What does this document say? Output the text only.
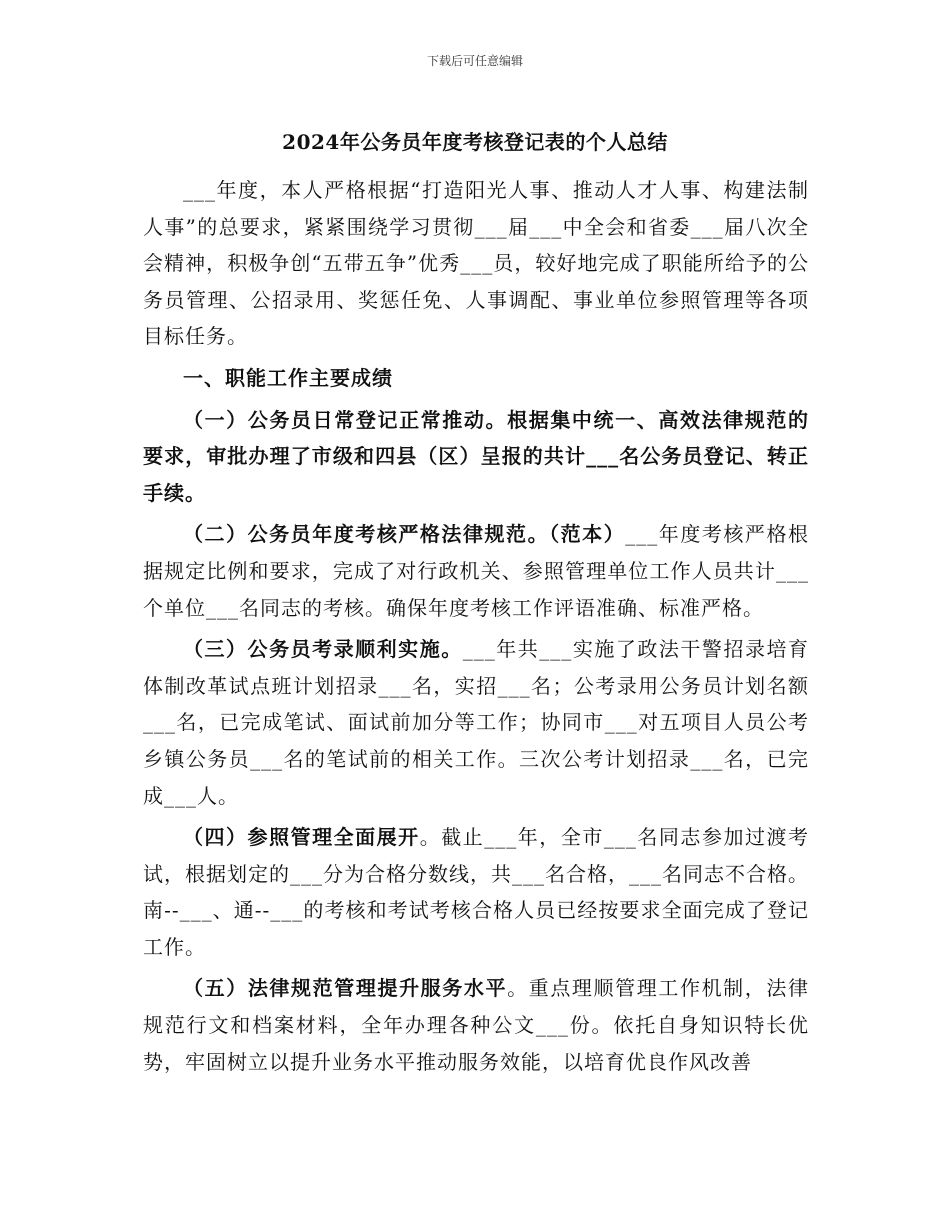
下载后可任意编辑
2024年公务员年度考核登记表的个人总结

___年度，本人严格根据“打造阳光人事、推动人才人事、构建法制人事”的总要求，紧紧围绕学习贯彻___届___中全会和省委___届八次全会精神，积极争创“五带五争”优秀___员，较好地完成了职能所给予的公务员管理、公招录用、奖惩任免、人事调配、事业单位参照管理等各项目标任务。

一、职能工作主要成绩

（一）公务员日常登记正常推动。根据集中统一、高效法律规范的要求，审批办理了市级和四县（区）呈报的共计___名公务员登记、转正手续。

（二）公务员年度考核严格法律规范。（范本）___年度考核严格根据规定比例和要求，完成了对行政机关、参照管理单位工作人员共计___个单位___名同志的考核。确保年度考核工作评语准确、标准严格。

（三）公务员考录顺利实施。___年共___实施了政法干警招录培育体制改革试点班计划招录___名，实招___名；公考录用公务员计划名额___名，已完成笔试、面试前加分等工作；协同市___对五项目人员公考乡镇公务员___名的笔试前的相关工作。三次公考计划招录___名，已完成___人。

（四）参照管理全面展开。截止___年，全市___名同志参加过渡考试，根据划定的___分为合格分数线，共___名合格，___名同志不合格。南--___、通--___的考核和考试考核合格人员已经按要求全面完成了登记工作。

（五）法律规范管理提升服务水平。重点理顺管理工作机制，法律规范行文和档案材料，全年办理各种公文___份。依托自身知识特长优势，牢固树立以提升业务水平推动服务效能，以培育优良作风改善
